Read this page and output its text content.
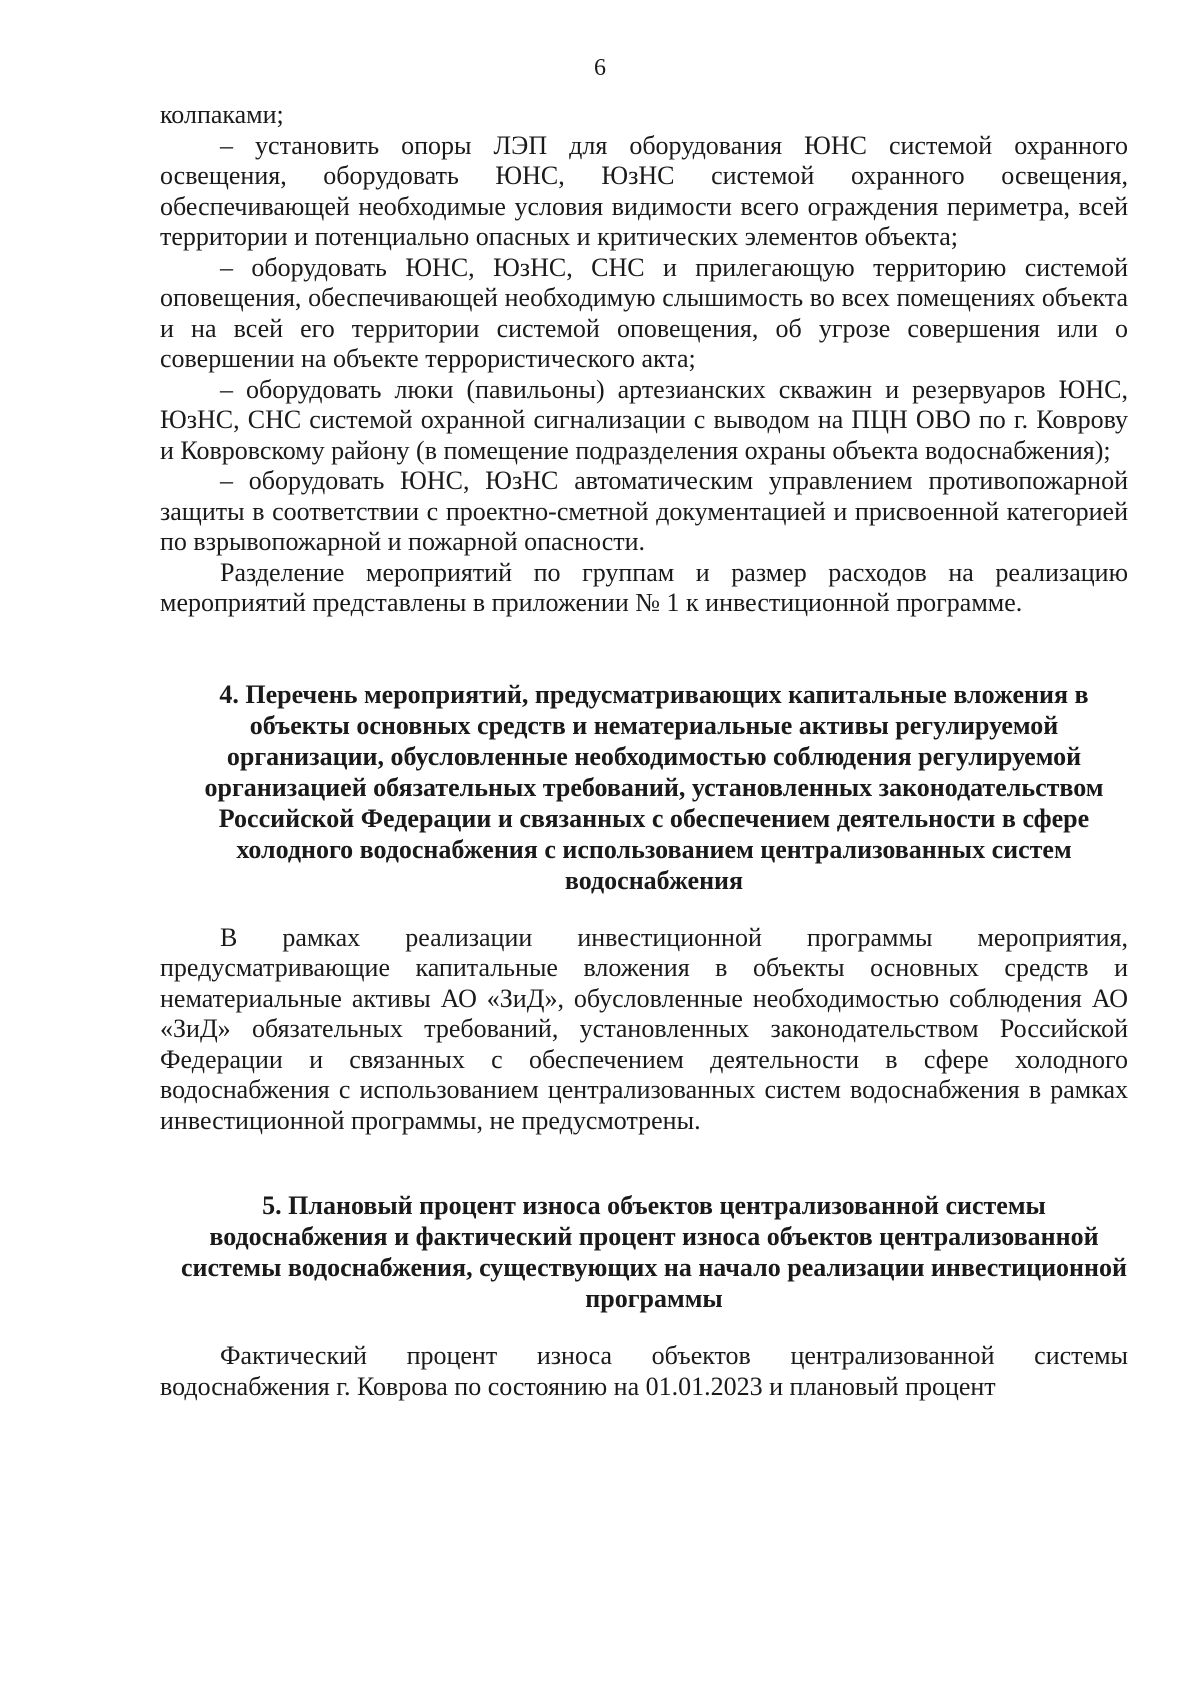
6

колпаками;

– установить опоры ЛЭП для оборудования ЮНС системой охранного освещения, оборудовать ЮНС, ЮзНС системой охранного освещения, обеспечивающей необходимые условия видимости всего ограждения периметра, всей территории и потенциально опасных и критических элементов объекта;

– оборудовать ЮНС, ЮзНС, СНС и прилегающую территорию системой оповещения, обеспечивающей необходимую слышимость во всех помещениях объекта и на всей его территории системой оповещения, об угрозе совершения или о совершении на объекте террористического акта;

– оборудовать люки (павильоны) артезианских скважин и резервуаров ЮНС, ЮзНС, СНС системой охранной сигнализации с выводом на ПЦН ОВО по г. Коврову и Ковровскому району (в помещение подразделения охраны объекта водоснабжения);

– оборудовать ЮНС, ЮзНС автоматическим управлением противопожарной защиты в соответствии с проектно-сметной документацией и присвоенной категорией по взрывопожарной и пожарной опасности.

Разделение мероприятий по группам и размер расходов на реализацию мероприятий представлены в приложении № 1 к инвестиционной программе.

4. Перечень мероприятий, предусматривающих капитальные вложения в объекты основных средств и нематериальные активы регулируемой организации, обусловленные необходимостью соблюдения регулируемой организацией обязательных требований, установленных законодательством Российской Федерации и связанных с обеспечением деятельности в сфере холодного водоснабжения с использованием централизованных систем водоснабжения

В рамках реализации инвестиционной программы мероприятия, предусматривающие капитальные вложения в объекты основных средств и нематериальные активы АО «ЗиД», обусловленные необходимостью соблюдения АО «ЗиД» обязательных требований, установленных законодательством Российской Федерации и связанных с обеспечением деятельности в сфере холодного водоснабжения с использованием централизованных систем водоснабжения в рамках инвестиционной программы, не предусмотрены.

5. Плановый процент износа объектов централизованной системы водоснабжения и фактический процент износа объектов централизованной системы водоснабжения, существующих на начало реализации инвестиционной программы

Фактический процент износа объектов централизованной системы водоснабжения г. Коврова по состоянию на 01.01.2023 и плановый процент
